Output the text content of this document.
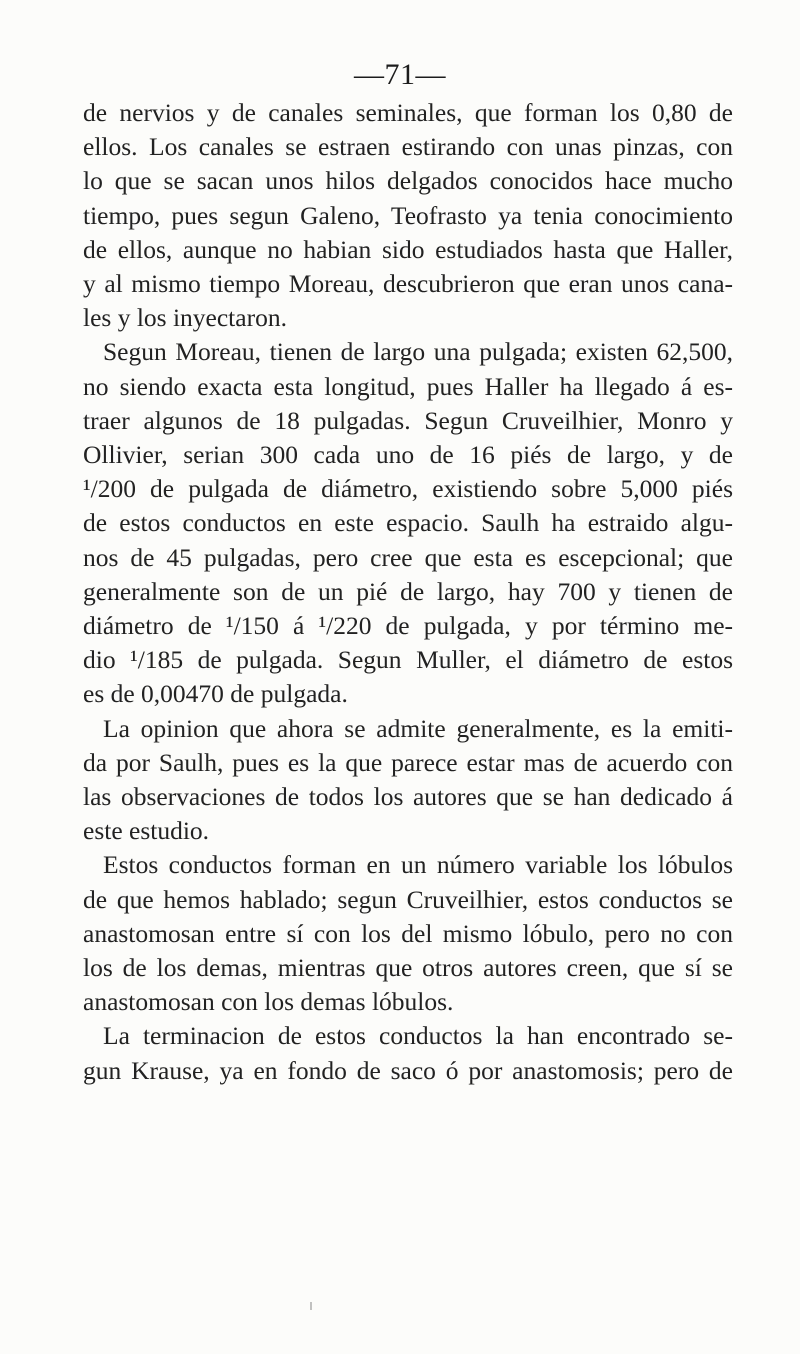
—71—
de nervios y de canales seminales, que forman los 0,80 de
ellos. Los canales se estraen estirando con unas pinzas, con
lo que se sacan unos hilos delgados conocidos hace mucho
tiempo, pues segun Galeno, Teofrasto ya tenia conocimiento
de ellos, aunque no habian sido estudiados hasta que Haller,
y al mismo tiempo Moreau, descubrieron que eran unos cana-
les y los inyectaron.
Segun Moreau, tienen de largo una pulgada; existen 62,500,
no siendo exacta esta longitud, pues Haller ha llegado á es-
traer algunos de 18 pulgadas. Segun Cruveilhier, Monro y
Ollivier, serian 300 cada uno de 16 piés de largo, y de
¹/200 de pulgada de diámetro, existiendo sobre 5,000 piés
de estos conductos en este espacio. Saulh ha estraido algu-
nos de 45 pulgadas, pero cree que esta es escepcional; que
generalmente son de un pié de largo, hay 700 y tienen de
diámetro de ¹/150 á ¹/220 de pulgada, y por término me-
dio ¹/185 de pulgada. Segun Muller, el diámetro de estos
es de 0,00470 de pulgada.
La opinion que ahora se admite generalmente, es la emiti-
da por Saulh, pues es la que parece estar mas de acuerdo con
las observaciones de todos los autores que se han dedicado á
este estudio.
Estos conductos forman en un número variable los lóbulos
de que hemos hablado; segun Cruveilhier, estos conductos se
anastomosan entre sí con los del mismo lóbulo, pero no con
los de los demas, mientras que otros autores creen, que sí se
anastomosan con los demas lóbulos.
La terminacion de estos conductos la han encontrado se-
gun Krause, ya en fondo de saco ó por anastomosis; pero de
